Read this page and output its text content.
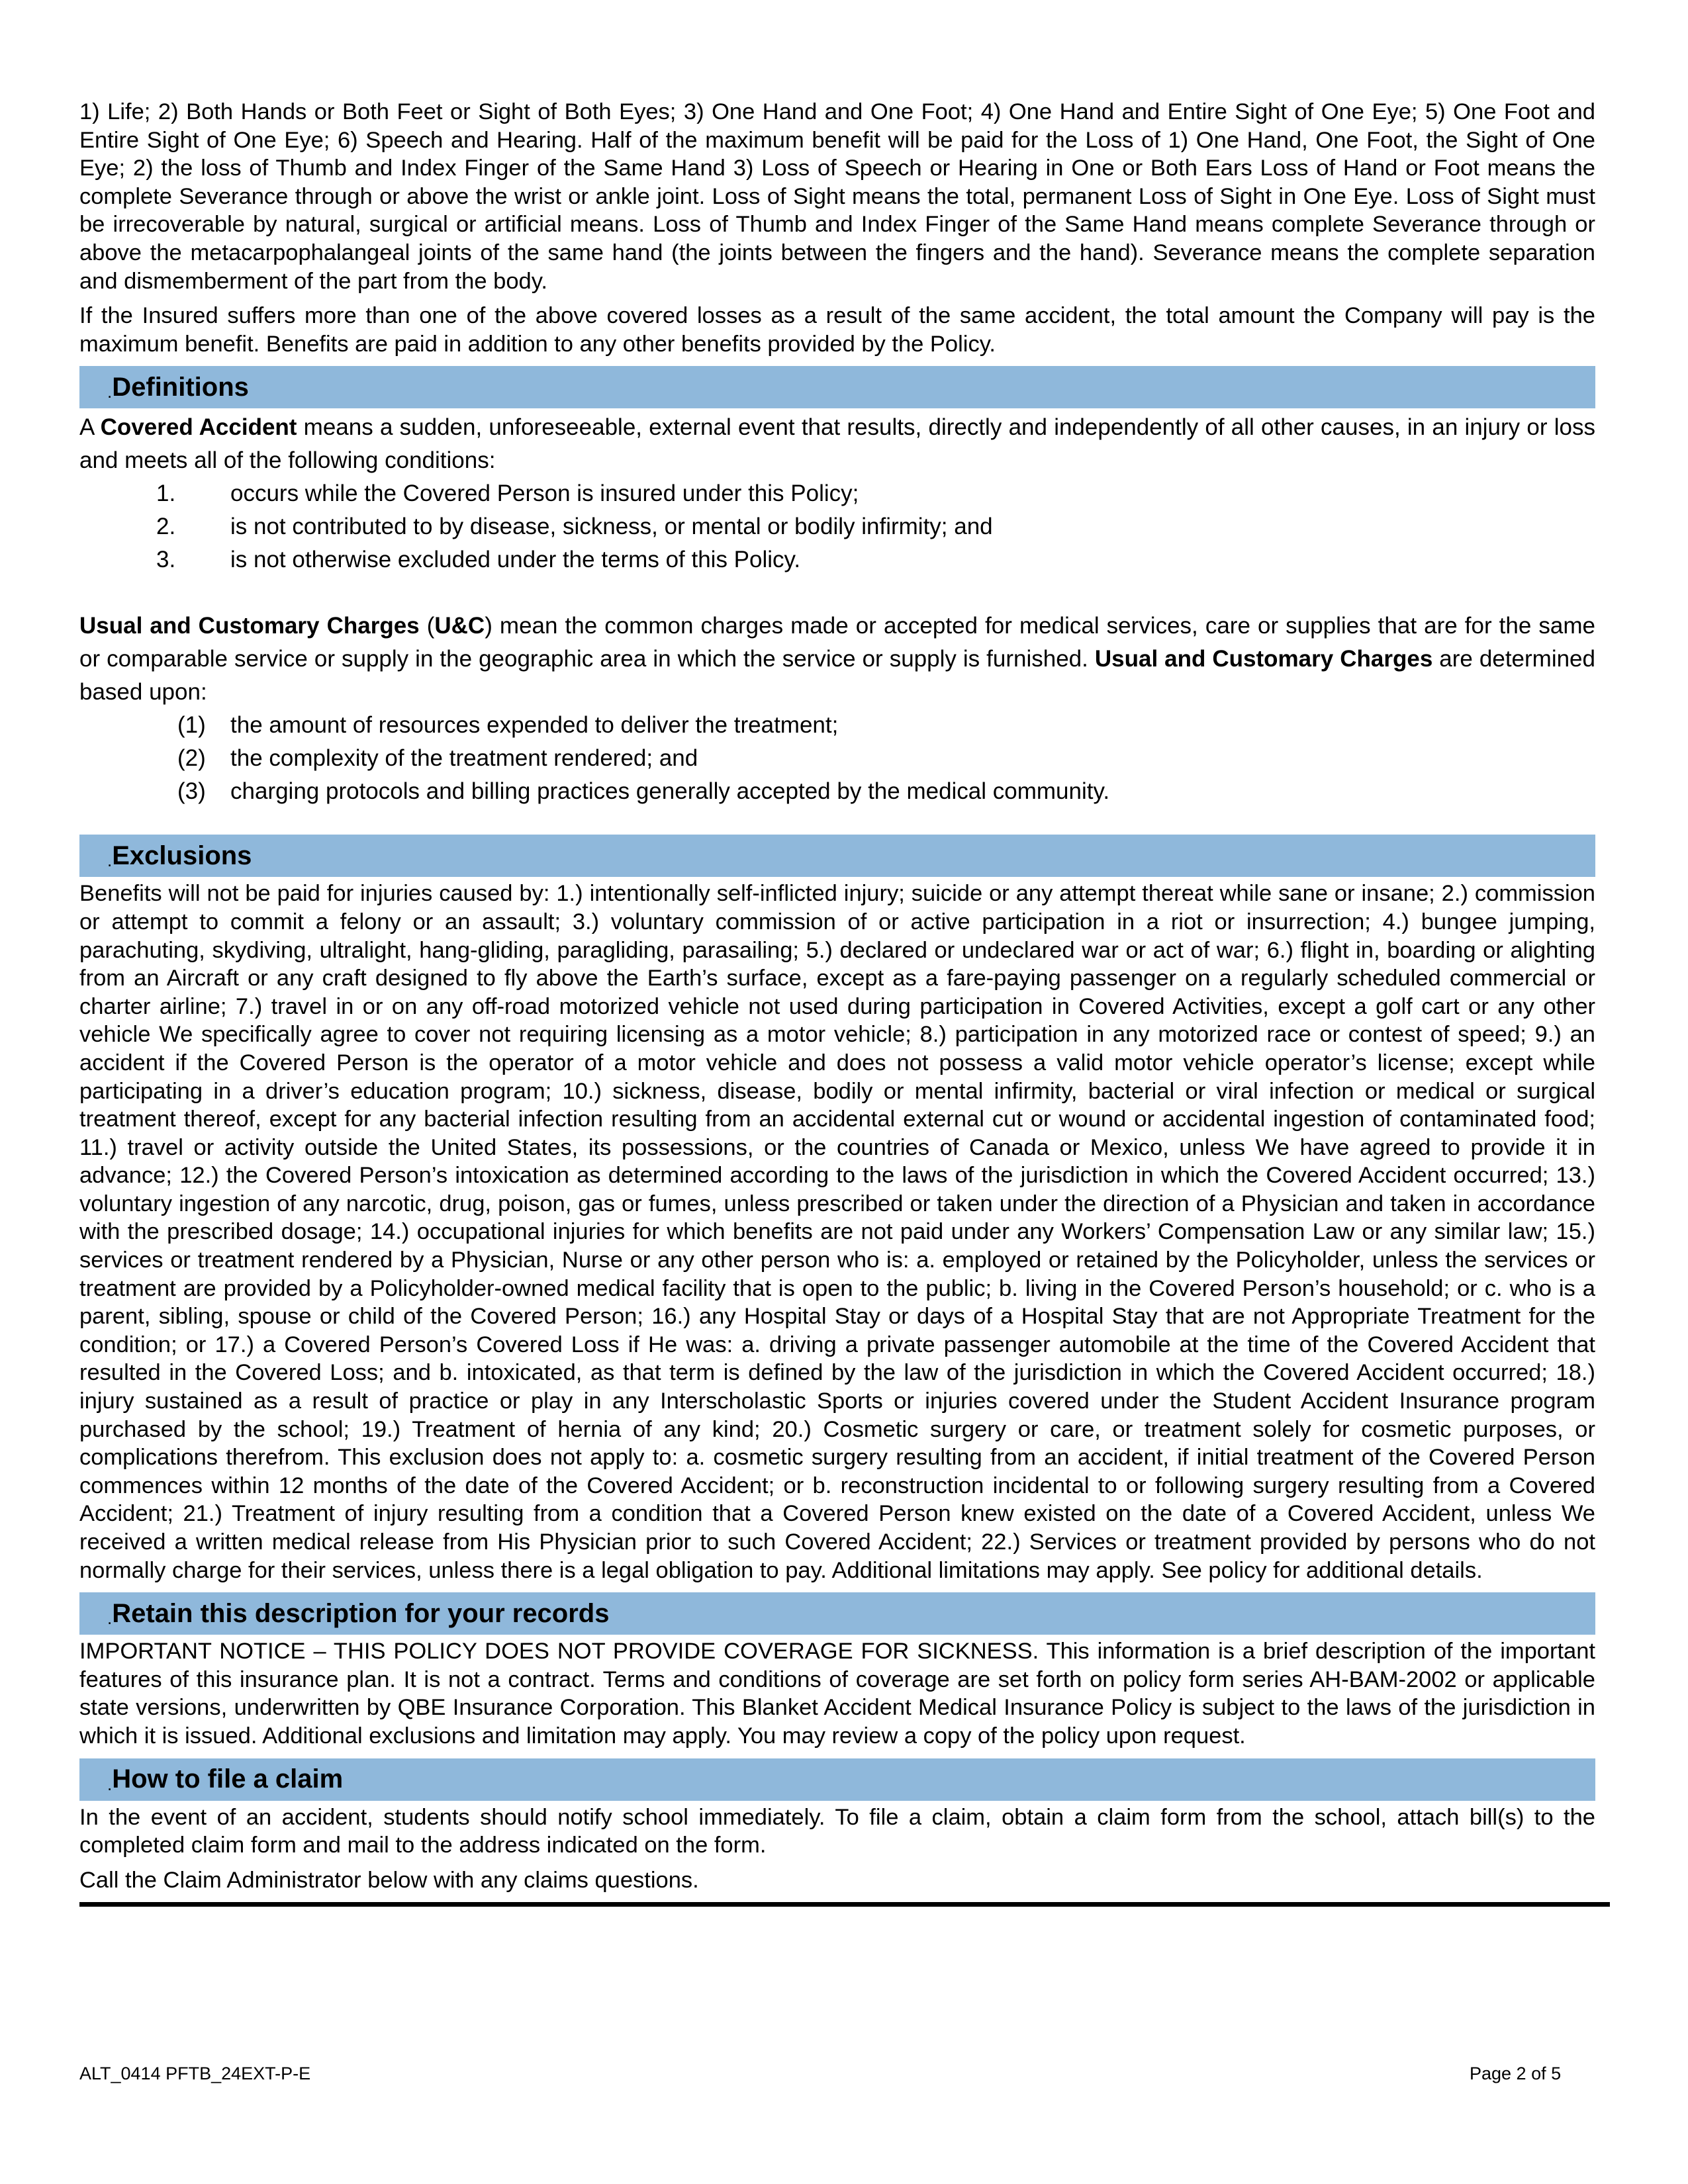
1) Life; 2) Both Hands or Both Feet or Sight of Both Eyes; 3) One Hand and One Foot; 4) One Hand and Entire Sight of One Eye; 5) One Foot and Entire Sight of One Eye; 6) Speech and Hearing. Half of the maximum benefit will be paid for the Loss of 1) One Hand, One Foot, the Sight of One Eye; 2) the loss of Thumb and Index Finger of the Same Hand 3) Loss of Speech or Hearing in One or Both Ears Loss of Hand or Foot means the complete Severance through or above the wrist or ankle joint. Loss of Sight means the total, permanent Loss of Sight in One Eye. Loss of Sight must be irrecoverable by natural, surgical or artificial means. Loss of Thumb and Index Finger of the Same Hand means complete Severance through or above the metacarpophalangeal joints of the same hand (the joints between the fingers and the hand). Severance means the complete separation and dismemberment of the part from the body.

If the Insured suffers more than one of the above covered losses as a result of the same accident, the total amount the Company will pay is the maximum benefit. Benefits are paid in addition to any other benefits provided by the Policy.

. Definitions

A Covered Accident means a sudden, unforeseeable, external event that results, directly and independently of all other causes, in an injury or loss and meets all of the following conditions:

1.	occurs while the Covered Person is insured under this Policy;
2.	is not contributed to by disease, sickness, or mental or bodily infirmity; and
3.	is not otherwise excluded under the terms of this Policy.

Usual and Customary Charges (U&C) mean the common charges made or accepted for medical services, care or supplies that are for the same or comparable service or supply in the geographic area in which the service or supply is furnished. Usual and Customary Charges are determined based upon:

(1)	the amount of resources expended to deliver the treatment;
(2)	the complexity of the treatment rendered; and
(3)	charging protocols and billing practices generally accepted by the medical community.
. Exclusions

Benefits will not be paid for injuries caused by: 1.) intentionally self-inflicted injury; suicide or any attempt thereat while sane or insane; 2.) commission or attempt to commit a felony or an assault; 3.) voluntary commission of or active participation in a riot or insurrection; 4.) bungee jumping, parachuting, skydiving, ultralight, hang-gliding, paragliding, parasailing; 5.) declared or undeclared war or act of war; 6.) flight in, boarding or alighting from an Aircraft or any craft designed to fly above the Earth’s surface, except as a fare-paying passenger on a regularly scheduled commercial or charter airline; 7.) travel in or on any off-road motorized vehicle not used during participation in Covered Activities, except a golf cart or any other vehicle We specifically agree to cover not requiring licensing as a motor vehicle; 8.) participation in any motorized race or contest of speed; 9.) an accident if the Covered Person is the operator of a motor vehicle and does not possess a valid motor vehicle operator’s license; except while participating in a driver’s education program; 10.) sickness, disease, bodily or mental infirmity, bacterial or viral infection or medical or surgical treatment thereof, except for any bacterial infection resulting from an accidental external cut or wound or accidental ingestion of contaminated food; 11.) travel or activity outside the United States, its possessions, or the countries of Canada or Mexico, unless We have agreed to provide it in advance; 12.) the Covered Person’s intoxication as determined according to the laws of the jurisdiction in which the Covered Accident occurred; 13.) voluntary ingestion of any narcotic, drug, poison, gas or fumes, unless prescribed or taken under the direction of a Physician and taken in accordance with the prescribed dosage; 14.) occupational injuries for which benefits are not paid under any Workers’ Compensation Law or any similar law; 15.) services or treatment rendered by a Physician, Nurse or any other person who is: a. employed or retained by the Policyholder, unless the services or treatment are provided by a Policyholder-owned medical facility that is open to the public; b. living in the Covered Person’s household; or c. who is a parent, sibling, spouse or child of the Covered Person; 16.) any Hospital Stay or days of a Hospital Stay that are not Appropriate Treatment for the condition; or 17.) a Covered Person’s Covered Loss if He was: a. driving a private passenger automobile at the time of the Covered Accident that resulted in the Covered Loss; and b. intoxicated, as that term is defined by the law of the jurisdiction in which the Covered Accident occurred; 18.) injury sustained as a result of practice or play in any Interscholastic Sports or injuries covered under the Student Accident Insurance program purchased by the school; 19.) Treatment of hernia of any kind; 20.) Cosmetic surgery or care, or treatment solely for cosmetic purposes, or complications therefrom. This exclusion does not apply to: a. cosmetic surgery resulting from an accident, if initial treatment of the Covered Person commences within 12 months of the date of the Covered Accident; or b. reconstruction incidental to or following surgery resulting from a Covered Accident; 21.) Treatment of injury resulting from a condition that a Covered Person knew existed on the date of a Covered Accident, unless We received a written medical release from His Physician prior to such Covered Accident; 22.) Services or treatment provided by persons who do not normally charge for their services, unless there is a legal obligation to pay. Additional limitations may apply. See policy for additional details.

. Retain this description for your records

IMPORTANT NOTICE – THIS POLICY DOES NOT PROVIDE COVERAGE FOR SICKNESS. This information is a brief description of the important features of this insurance plan. It is not a contract. Terms and conditions of coverage are set forth on policy form series AH-BAM-2002 or applicable state versions, underwritten by QBE Insurance Corporation. This Blanket Accident Medical Insurance Policy is subject to the laws of the jurisdiction in which it is issued. Additional exclusions and limitation may apply. You may review a copy of the policy upon request.

. How to file a claim

In the event of an accident, students should notify school immediately. To file a claim, obtain a claim form from the school, attach bill(s) to the completed claim form and mail to the address indicated on the form.

Call the Claim Administrator below with any claims questions.

ALT_0414 PFTB_24EXT-P-E	Page 2 of 5
